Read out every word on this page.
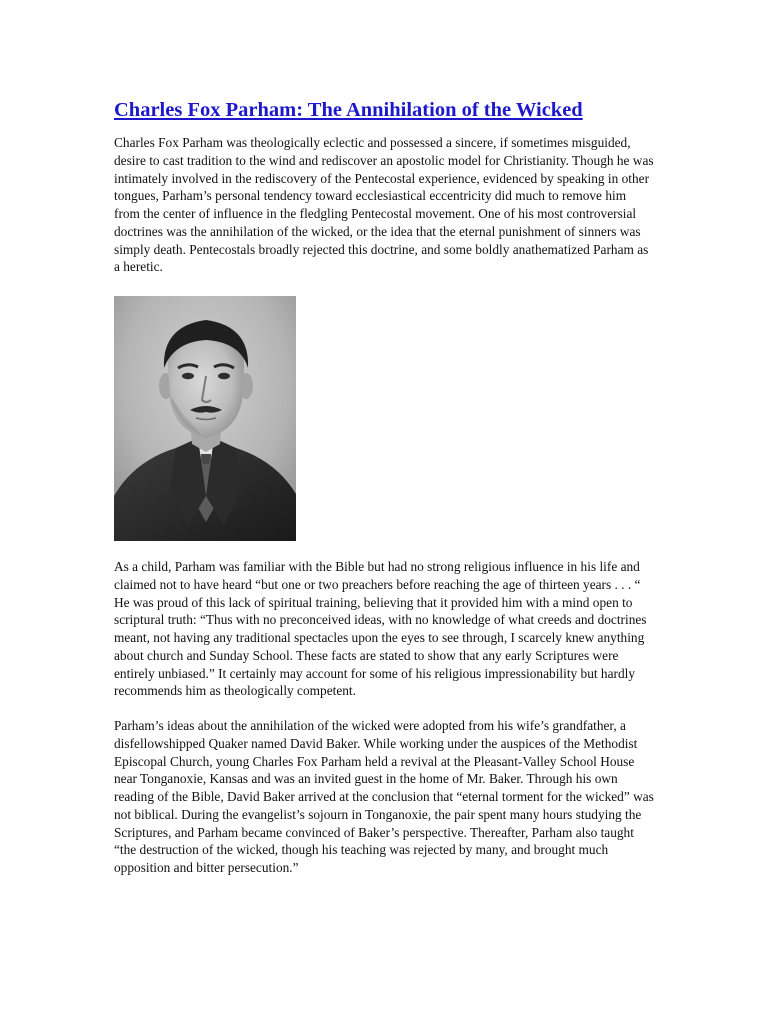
Charles Fox Parham: The Annihilation of the Wicked

Charles Fox Parham was theologically eclectic and possessed a sincere, if sometimes misguided, desire to cast tradition to the wind and rediscover an apostolic model for Christianity. Though he was intimately involved in the rediscovery of the Pentecostal experience, evidenced by speaking in other tongues, Parham’s personal tendency toward ecclesiastical eccentricity did much to remove him from the center of influence in the fledgling Pentecostal movement. One of his most controversial doctrines was the annihilation of the wicked, or the idea that the eternal punishment of sinners was simply death. Pentecostals broadly rejected this doctrine, and some boldly anathematized Parham as a heretic.

As a child, Parham was familiar with the Bible but had no strong religious influence in his life and claimed not to have heard “but one or two preachers before reaching the age of thirteen years . . . “ He was proud of this lack of spiritual training, believing that it provided him with a mind open to scriptural truth: “Thus with no preconceived ideas, with no knowledge of what creeds and doctrines meant, not having any traditional spectacles upon the eyes to see through, I scarcely knew anything about church and Sunday School. These facts are stated to show that any early Scriptures were entirely unbiased.” It certainly may account for some of his religious impressionability but hardly recommends him as theologically competent.

Parham’s ideas about the annihilation of the wicked were adopted from his wife’s grandfather, a disfellowshipped Quaker named David Baker. While working under the auspices of the Methodist Episcopal Church, young Charles Fox Parham held a revival at the Pleasant-Valley School House near Tonganoxie, Kansas and was an invited guest in the home of Mr. Baker. Through his own reading of the Bible, David Baker arrived at the conclusion that “eternal torment for the wicked” was not biblical. During the evangelist’s sojourn in Tonganoxie, the pair spent many hours studying the Scriptures, and Parham became convinced of Baker’s perspective. Thereafter, Parham also taught “the destruction of the wicked, though his teaching was rejected by many, and brought much opposition and bitter persecution.”
